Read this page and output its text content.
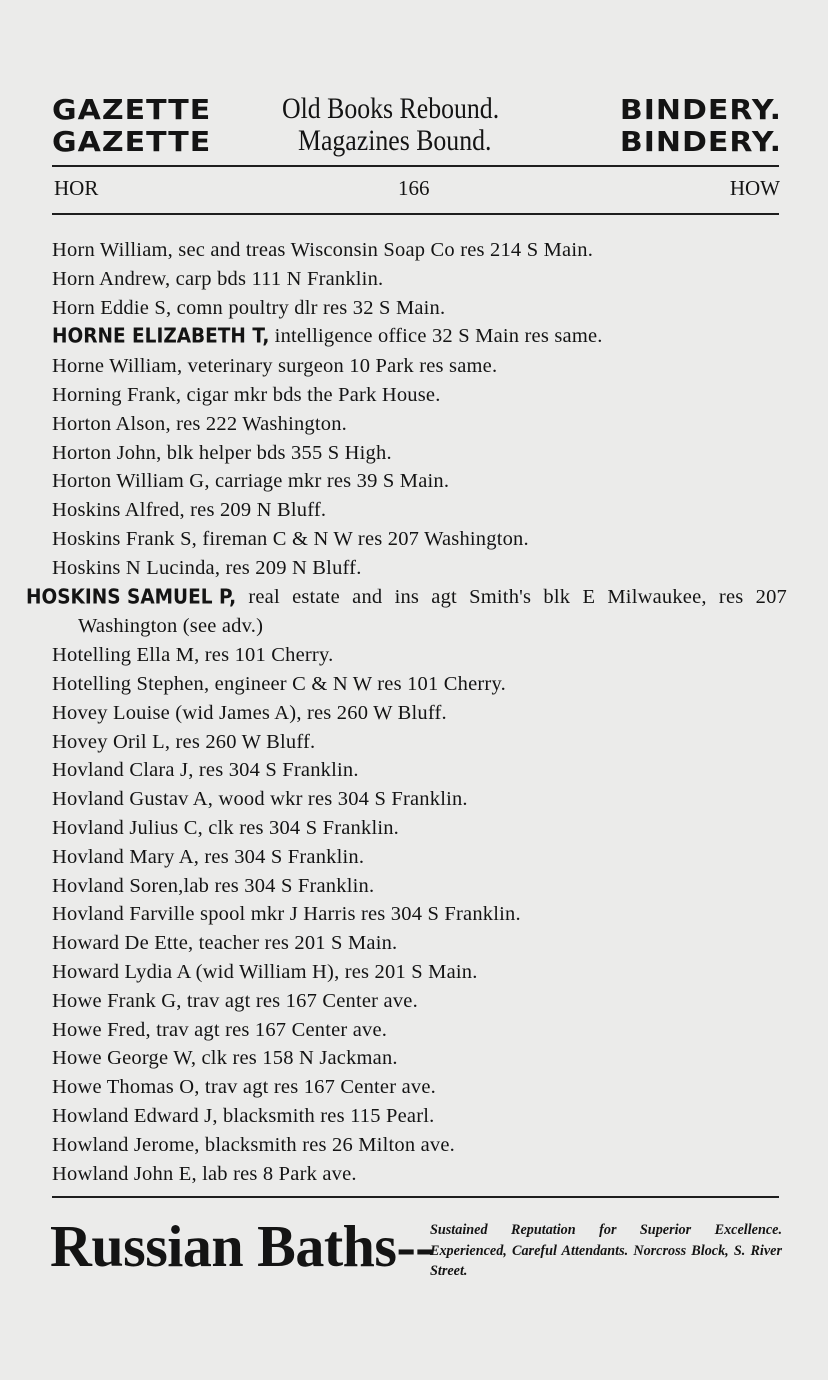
GAZETTE Old Books Rebound.	BINDERY.
GAZETTE	Magazines Bound.	BINDERY.
HOR	166	HOW
Horn William, sec and treas Wisconsin Soap Co res 214 S Main.
Horn Andrew, carp bds 111 N Franklin.
Horn Eddie S, comn poultry dlr res 32 S Main.
HORNE ELIZABETH T, intelligence office 32 S Main res same.
Horne William, veterinary surgeon 10 Park res same.
Horning Frank, cigar mkr bds the Park House.
Horton Alson, res 222 Washington.
Horton John, blk helper bds 355 S High.
Horton William G, carriage mkr res 39 S Main.
Hoskins Alfred, res 209 N Bluff.
Hoskins Frank S, fireman C & N W res 207 Washington.
Hoskins N Lucinda, res 209 N Bluff.
HOSKINS SAMUEL P, real estate and ins agt Smith's blk E Milwaukee, res 207 Washington (see adv.)
Hotelling Ella M, res 101 Cherry.
Hotelling Stephen, engineer C & N W res 101 Cherry.
Hovey Louise (wid James A), res 260 W Bluff.
Hovey Oril L, res 260 W Bluff.
Hovland Clara J, res 304 S Franklin.
Hovland Gustav A, wood wkr res 304 S Franklin.
Hovland Julius C, clk res 304 S Franklin.
Hovland Mary A, res 304 S Franklin.
Hovland Soren,lab res 304 S Franklin.
Hovland Farville spool mkr J Harris res 304 S Franklin.
Howard De Ette, teacher res 201 S Main.
Howard Lydia A (wid William H), res 201 S Main.
Howe Frank G, trav agt res 167 Center ave.
Howe Fred, trav agt res 167 Center ave.
Howe George W, clk res 158 N Jackman.
Howe Thomas O, trav agt res 167 Center ave.
Howland Edward J, blacksmith res 115 Pearl.
Howland Jerome, blacksmith res 26 Milton ave.
Howland John E, lab res 8 Park ave.
Russian Baths--
Sustained Reputation for Superior Excellence. Experienced, Careful Attendants. Norcross Block, S. River Street.
